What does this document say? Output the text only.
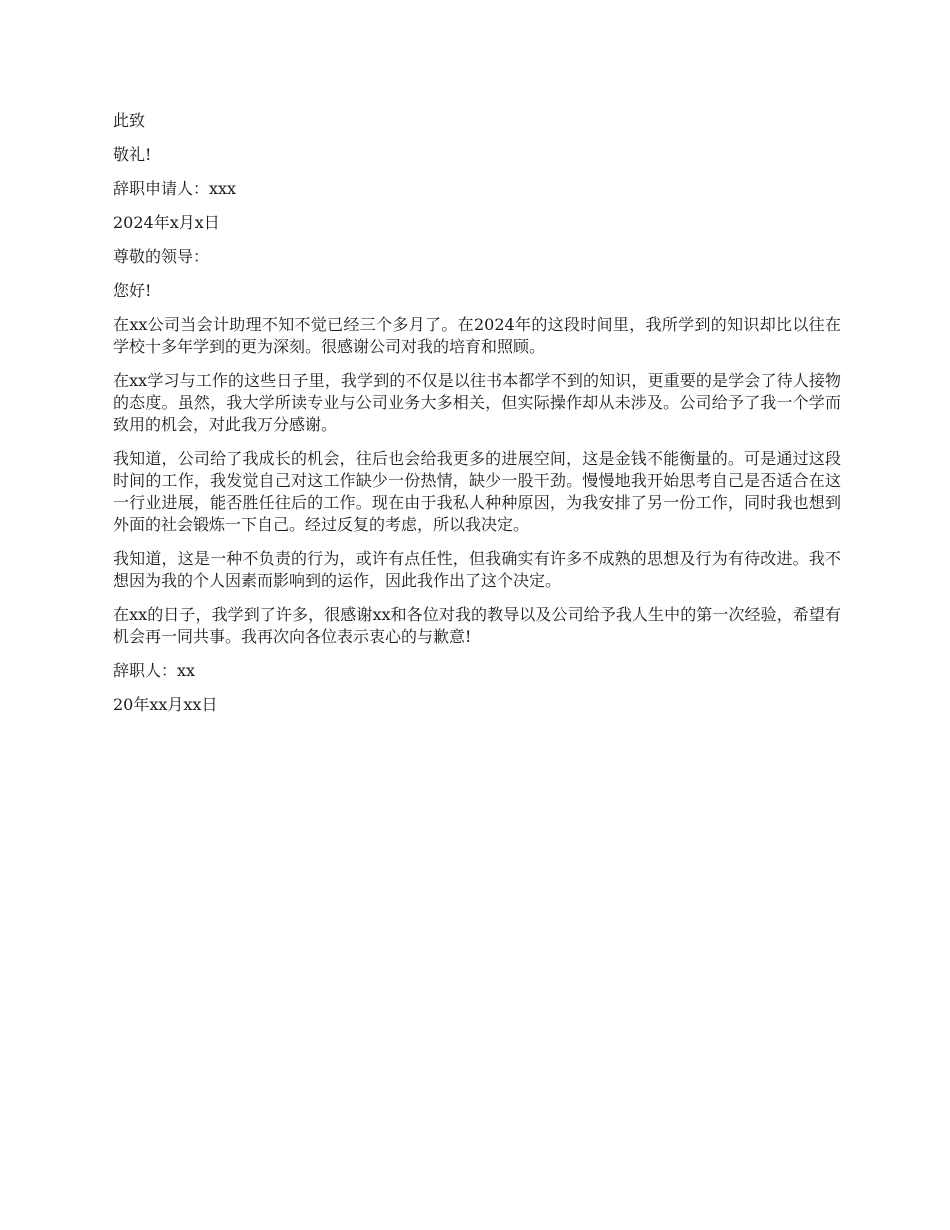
此致

敬礼!

辞职申请人：xxx

2024年x月x日

尊敬的领导：

您好!

在xx公司当会计助理不知不觉已经三个多月了。在2024年的这段时间里，我所学到的知识却比以往在学校十多年学到的更为深刻。很感谢公司对我的培育和照顾。

在xx学习与工作的这些日子里，我学到的不仅是以往书本都学不到的知识，更重要的是学会了待人接物的态度。虽然，我大学所读专业与公司业务大多相关，但实际操作却从未涉及。公司给予了我一个学而致用的机会，对此我万分感谢。

我知道，公司给了我成长的机会，往后也会给我更多的进展空间，这是金钱不能衡量的。可是通过这段时间的工作，我发觉自己对这工作缺少一份热情，缺少一股干劲。慢慢地我开始思考自己是否适合在这一行业进展，能否胜任往后的工作。现在由于我私人种种原因，为我安排了另一份工作，同时我也想到外面的社会锻炼一下自己。经过反复的考虑，所以我决定。

我知道，这是一种不负责的行为，或许有点任性，但我确实有许多不成熟的思想及行为有待改进。我不想因为我的个人因素而影响到的运作，因此我作出了这个决定。

在xx的日子，我学到了许多，很感谢xx和各位对我的教导以及公司给予我人生中的第一次经验，希望有机会再一同共事。我再次向各位表示衷心的与歉意!

辞职人：xx

20年xx月xx日
